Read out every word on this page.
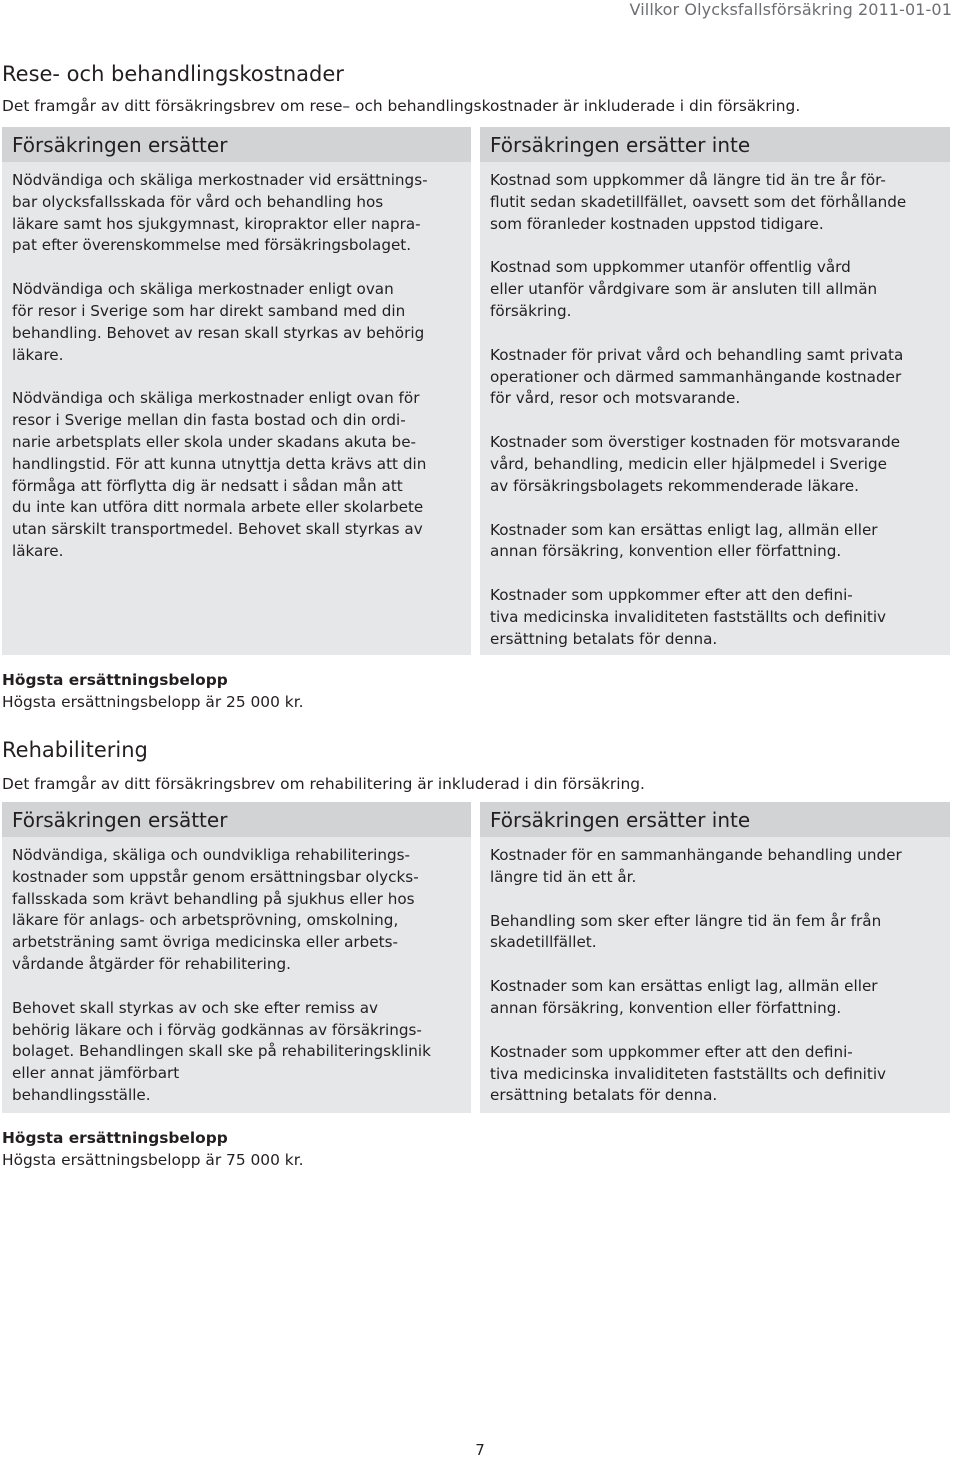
Villkor Olycksfallsförsäkring 2011-01-01
Rese- och behandlingskostnader
Det framgår av ditt försäkringsbrev om rese– och behandlingskostnader är inkluderade i din försäkring.
Försäkringen ersätter

Nödvändiga och skäliga merkostnader vid ersättnings-
bar olycksfallsskada för vård och behandling hos
läkare samt hos sjukgymnast, kiropraktor eller napra-
pat efter överenskommelse med försäkringsbolaget.

Nödvändiga och skäliga merkostnader enligt ovan
för resor i Sverige som har direkt samband med din
behandling. Behovet av resan skall styrkas av behörig
läkare.

Nödvändiga och skäliga merkostnader enligt ovan för
resor i Sverige mellan din fasta bostad och din ordi-
narie arbetsplats eller skola under skadans akuta be-
handlingstid. För att kunna utnyttja detta krävs att din
förmåga att förflytta dig är nedsatt i sådan mån att
du inte kan utföra ditt normala arbete eller skolarbete
utan särskilt transportmedel. Behovet skall styrkas av
läkare.

Försäkringen ersätter inte

Kostnad som uppkommer då längre tid än tre år för-
flutit sedan skadetillfället, oavsett som det förhållande
som föranleder kostnaden uppstod tidigare.

Kostnad som uppkommer utanför offentlig vård
eller utanför vårdgivare som är ansluten till allmän
försäkring.

Kostnader för privat vård och behandling samt privata
operationer och därmed sammanhängande kostnader
för vård, resor och motsvarande.

Kostnader som överstiger kostnaden för motsvarande
vård, behandling, medicin eller hjälpmedel i Sverige
av försäkringsbolagets rekommenderade läkare.

Kostnader som kan ersättas enligt lag, allmän eller
annan försäkring, konvention eller författning.

Kostnader som uppkommer efter att den defini-
tiva medicinska invaliditeten fastställts och definitiv
ersättning betalats för denna.

Högsta ersättningsbelopp
Högsta ersättningsbelopp är 25 000 kr.
Rehabilitering
Det framgår av ditt försäkringsbrev om rehabilitering är inkluderad i din försäkring.
Försäkringen ersätter

Nödvändiga, skäliga och oundvikliga rehabiliterings-
kostnader som uppstår genom ersättningsbar olycks-
fallsskada som krävt behandling på sjukhus eller hos
läkare för anlags- och arbetsprövning, omskolning,
arbetsträning samt övriga medicinska eller arbets-
vårdande åtgärder för rehabilitering.

Behovet skall styrkas av och ske efter remiss av
behörig läkare och i förväg godkännas av försäkrings-
bolaget. Behandlingen skall ske på rehabiliteringsklinik
eller annat jämförbart
behandlingsställe.

Försäkringen ersätter inte

Kostnader för en sammanhängande behandling under
längre tid än ett år.

Behandling som sker efter längre tid än fem år från
skadetillfället.

Kostnader som kan ersättas enligt lag, allmän eller
annan försäkring, konvention eller författning.

Kostnader som uppkommer efter att den defini-
tiva medicinska invaliditeten fastställts och definitiv
ersättning betalats för denna.

Högsta ersättningsbelopp
Högsta ersättningsbelopp är 75 000 kr.
7
